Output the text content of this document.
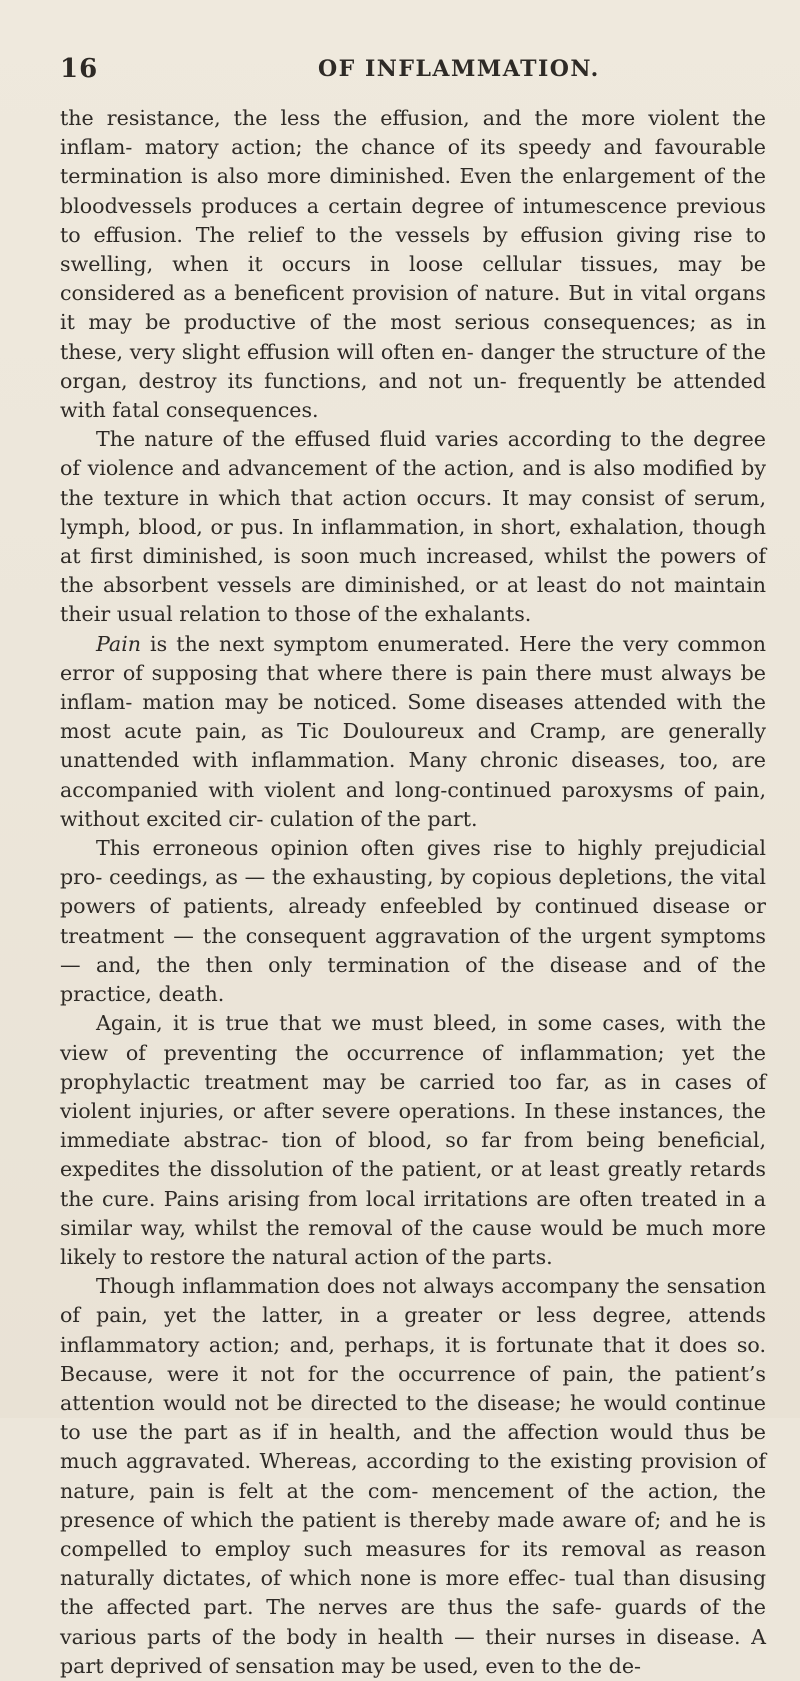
16	OF INFLAMMATION.

the resistance, the less the effusion, and the more violent the inflam- matory action; the chance of its speedy and favourable termination is also more diminished. Even the enlargement of the bloodvessels produces a certain degree of intumescence previous to effusion. The relief to the vessels by effusion giving rise to swelling, when it occurs in loose cellular tissues, may be considered as a beneficent provision of nature. But in vital organs it may be productive of the most serious consequences; as in these, very slight effusion will often en- danger the structure of the organ, destroy its functions, and not un- frequently be attended with fatal consequences.

The nature of the effused fluid varies according to the degree of violence and advancement of the action, and is also modified by the texture in which that action occurs. It may consist of serum, lymph, blood, or pus. In inflammation, in short, exhalation, though at first diminished, is soon much increased, whilst the powers of the absorbent vessels are diminished, or at least do not maintain their usual relation to those of the exhalants.

Pain is the next symptom enumerated. Here the very common error of supposing that where there is pain there must always be inflam- mation may be noticed. Some diseases attended with the most acute pain, as Tic Douloureux and Cramp, are generally unattended with inflammation. Many chronic diseases, too, are accompanied with violent and long-continued paroxysms of pain, without excited cir- culation of the part.

This erroneous opinion often gives rise to highly prejudicial pro- ceedings, as — the exhausting, by copious depletions, the vital powers of patients, already enfeebled by continued disease or treatment — the consequent aggravation of the urgent symptoms — and, the then only termination of the disease and of the practice, death.

Again, it is true that we must bleed, in some cases, with the view of preventing the occurrence of inflammation; yet the prophylactic treatment may be carried too far, as in cases of violent injuries, or after severe operations. In these instances, the immediate abstrac- tion of blood, so far from being beneficial, expedites the dissolution of the patient, or at least greatly retards the cure. Pains arising from local irritations are often treated in a similar way, whilst the removal of the cause would be much more likely to restore the natural action of the parts.

Though inflammation does not always accompany the sensation of pain, yet the latter, in a greater or less degree, attends inflammatory action; and, perhaps, it is fortunate that it does so. Because, were it not for the occurrence of pain, the patient’s attention would not be directed to the disease; he would continue to use the part as if in health, and the affection would thus be much aggravated. Whereas, according to the existing provision of nature, pain is felt at the com- mencement of the action, the presence of which the patient is thereby made aware of; and he is compelled to employ such measures for its removal as reason naturally dictates, of which none is more effec- tual than disusing the affected part. The nerves are thus the safe- guards of the various parts of the body in health — their nurses in disease. A part deprived of sensation may be used, even to the de-
